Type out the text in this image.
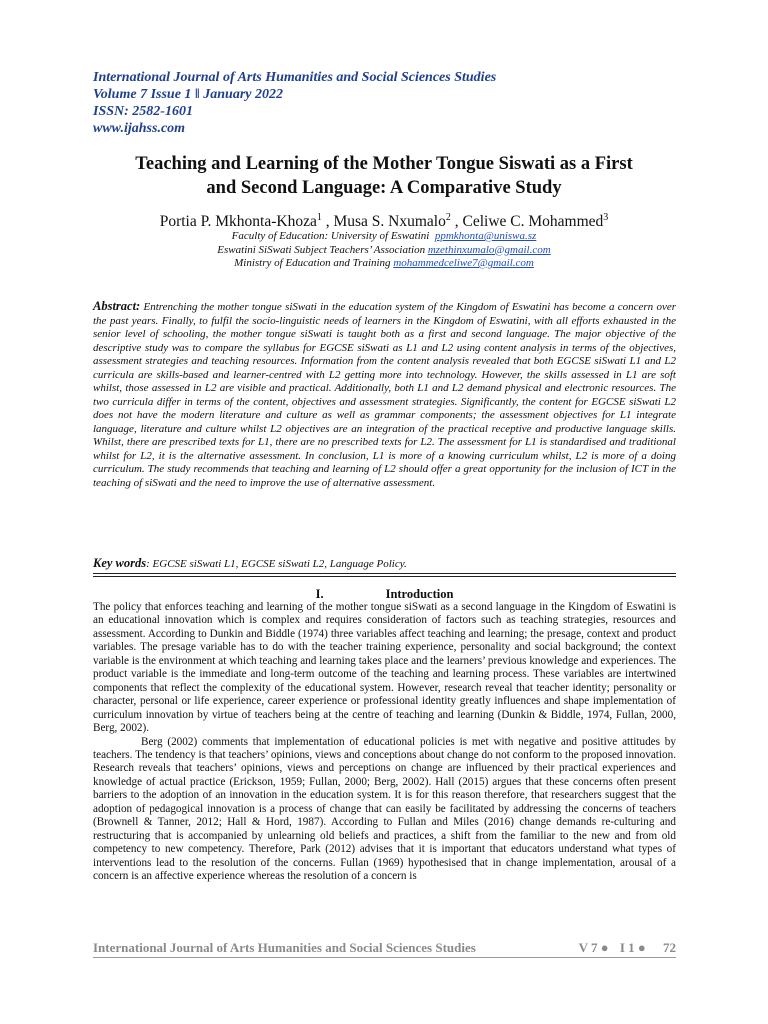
International Journal of Arts Humanities and Social Sciences Studies
Volume 7 Issue 1 ǁ January 2022
ISSN: 2582-1601
www.ijahss.com
Teaching and Learning of the Mother Tongue Siswati as a First
and Second Language: A Comparative Study
Portia P. Mkhonta-Khoza$^1$ , Musa S. Nxumalo$^2$ , Celiwe C. Mohammed$^3$
Faculty of Education: University of Eswatini ppmkhonta@uniswa.sz
Eswatini SiSwati Subject Teachers’ Association mzethinxumalo@gmail.com
Ministry of Education and Training mohammedceliwe7@gmail.com
Abstract: Entrenching the mother tongue siSwati in the education system of the Kingdom of Eswatini has become a concern over the past years. Finally, to fulfil the socio-linguistic needs of learners in the Kingdom of Eswatini, with all efforts exhausted in the senior level of schooling, the mother tongue siSwati is taught both as a first and second language. The major objective of the descriptive study was to compare the syllabus for EGCSE siSwati as L1 and L2 using content analysis in terms of the objectives, assessment strategies and teaching resources. Information from the content analysis revealed that both EGCSE siSwati L1 and L2 curricula are skills-based and learner-centred with L2 getting more into technology. However, the skills assessed in L1 are soft whilst, those assessed in L2 are visible and practical. Additionally, both L1 and L2 demand physical and electronic resources. The two curricula differ in terms of the content, objectives and assessment strategies. Significantly, the content for EGCSE siSwati L2 does not have the modern literature and culture as well as grammar components; the assessment objectives for L1 integrate language, literature and culture whilst L2 objectives are an integration of the practical receptive and productive language skills. Whilst, there are prescribed texts for L1, there are no prescribed texts for L2. The assessment for L1 is standardised and traditional whilst for L2, it is the alternative assessment. In conclusion, L1 is more of a knowing curriculum whilst, L2 is more of a doing curriculum. The study recommends that teaching and learning of L2 should offer a great opportunity for the inclusion of ICT in the teaching of siSwati and the need to improve the use of alternative assessment.
Key words: EGCSE siSwati L1, EGCSE siSwati L2, Language Policy.
I.	Introduction

The policy that enforces teaching and learning of the mother tongue siSwati as a second language in the Kingdom of Eswatini is an educational innovation which is complex and requires consideration of factors such as teaching strategies, resources and assessment. According to Dunkin and Biddle (1974) three variables affect teaching and learning; the presage, context and product variables. The presage variable has to do with the teacher training experience, personality and social background; the context variable is the environment at which teaching and learning takes place and the learners’ previous knowledge and experiences. The product variable is the immediate and long-term outcome of the teaching and learning process. These variables are intertwined components that reflect the complexity of the educational system. However, research reveal that teacher identity; personality or character, personal or life experience, career experience or professional identity greatly influences and shape implementation of curriculum innovation by virtue of teachers being at the centre of teaching and learning (Dunkin & Biddle, 1974, Fullan, 2000, Berg, 2002).

Berg (2002) comments that implementation of educational policies is met with negative and positive attitudes by teachers. The tendency is that teachers’ opinions, views and conceptions about change do not conform to the proposed innovation. Research reveals that teachers’ opinions, views and perceptions on change are influenced by their practical experiences and knowledge of actual practice (Erickson, 1959; Fullan, 2000; Berg, 2002). Hall (2015) argues that these concerns often present barriers to the adoption of an innovation in the education system. It is for this reason therefore, that researchers suggest that the adoption of pedagogical innovation is a process of change that can easily be facilitated by addressing the concerns of teachers (Brownell & Tanner, 2012; Hall & Hord, 1987). According to Fullan and Miles (2016) change demands re-culturing and restructuring that is accompanied by unlearning old beliefs and practices, a shift from the familiar to the new and from old competency to new competency. Therefore, Park (2012) advises that it is important that educators understand what types of interventions lead to the resolution of the concerns. Fullan (1969) hypothesised that in change implementation, arousal of a concern is an affective experience whereas the resolution of a concern is

International Journal of Arts Humanities and Social Sciences Studies	V 7 ● I 1 ● 72
